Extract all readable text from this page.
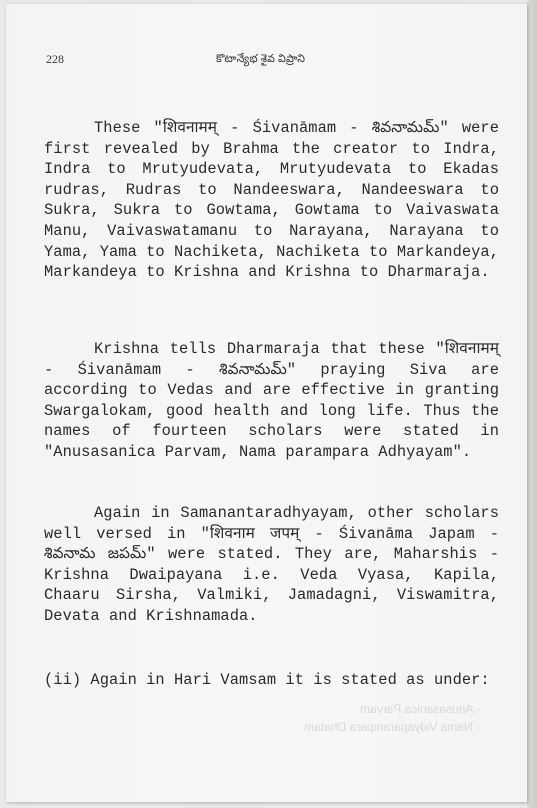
228	కొటాన్యేభ శైవ విప్రాని
These "शिवनामम् - Śivanāmam - శివనామమ్" were first revealed by Brahma the creator to Indra, Indra to Mrutyudevata, Mrutyudevata to Ekadas rudras, Rudras to Nandeeswara, Nandeeswara to Sukra, Sukra to Gowtama, Gowtama to Vaivaswata Manu, Vaivaswatamanu to Narayana, Narayana to Yama, Yama to Nachiketa, Nachiketa to Markandeya, Markandeya to Krishna and Krishna to Dharmaraja.
Krishna tells Dharmaraja that these "शिवनामम् - Śivanāmam - శివనామమ్" praying Siva are according to Vedas and are effective in granting Swargalokam, good health and long life. Thus the names of fourteen scholars were stated in "Anusasanica Parvam, Nama parampara Adhyayam".
Again in Samanantaradhyayam, other scholars well versed in "शिवनाम जपम् - Śivanāma Japam - శివనామ జపమ్" were stated. They are, Maharshis - Krishna Dwaipayana i.e. Veda Vyasa, Kapila, Chaaru Sirsha, Valmiki, Jamadagni, Viswamitra, Devata and Krishnamada.
(ii) Again in Hari Vamsam it is stated as under:
